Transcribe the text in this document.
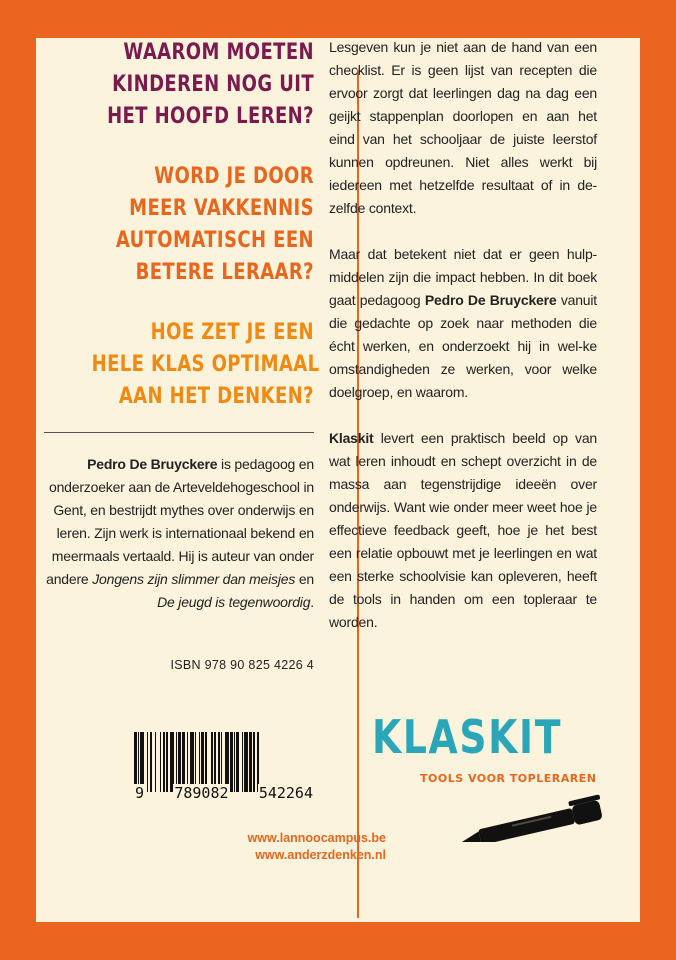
WAAROM MOETEN
KINDEREN NOG UIT
HET HOOFD LEREN?
WORD JE DOOR
MEER VAKKENNIS
AUTOMATISCH EEN
BETERE LERAAR?
HOE ZET JE EEN
HELE KLAS OPTIMAAL
AAN HET DENKEN?
Pedro De Bruyckere is pedagoog en onderzoeker aan de Arteveldehogeschool in Gent, en bestrijdt mythes over onderwijs en leren. Zijn werk is internationaal bekend en meermaals vertaald. Hij is auteur van onder andere Jongens zijn slimmer dan meisjes en De jeugd is tegenwoordig.
ISBN 978 90 825 4226 4
9 789082 542264
www.lannoocampus.be
www.anderzdenken.nl

Lesgeven kun je niet aan de hand van een checklist. Er is geen lijst van recepten die ervoor zorgt dat leerlingen dag na dag een geijkt stappenplan doorlopen en aan het eind van het schooljaar de juiste leerstof kunnen opdreunen. Niet alles werkt bij iedereen met hetzelfde resultaat of in de-zelfde context.

Maar dat betekent niet dat er geen hulp-middelen zijn die impact hebben. In dit boek gaat pedagoog Pedro De Bruyckere vanuit die gedachte op zoek naar methoden die écht werken, en onderzoekt hij in wel-ke omstandigheden ze werken, voor welke doelgroep, en waarom.

Klaskit levert een praktisch beeld op van wat leren inhoudt en schept overzicht in de massa aan tegenstrijdige ideeën over onderwijs. Want wie onder meer weet hoe je effectieve feedback geeft, hoe je het best een relatie opbouwt met je leerlingen en wat een sterke schoolvisie kan opleveren, heeft de tools in handen om een topleraar te worden.

KLASKIT
TOOLS VOOR TOPLERAREN
